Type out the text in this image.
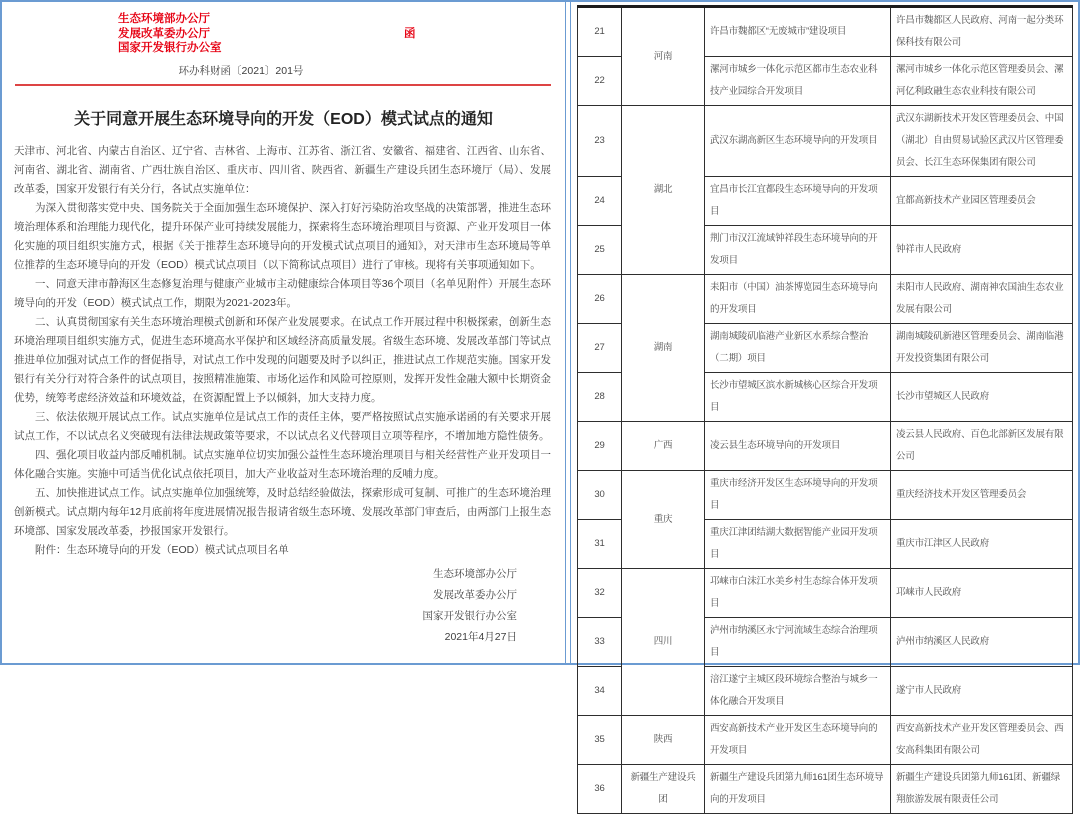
生态环境部办公厅
发展改革委办公厅
国家开发银行办公室
函
环办科财函〔2021〕201号
关于同意开展生态环境导向的开发（EOD）模式试点的通知
天津市、河北省、内蒙古自治区、辽宁省、吉林省、上海市、江苏省、浙江省、安徽省、福建省、江西省、山东省、河南省、湖北省、湖南省、广西壮族自治区、重庆市、四川省、陕西省、新疆生产建设兵团生态环境厅（局）、发展改革委，国家开发银行有关分行，各试点实施单位：
为深入贯彻落实党中央、国务院关于全面加强生态环境保护、深入打好污染防治攻坚战的决策部署，推进生态环境治理体系和治理能力现代化，提升环保产业可持续发展能力，探索将生态环境治理项目与资源、产业开发项目一体化实施的项目组织实施方式，根据《关于推荐生态环境导向的开发模式试点项目的通知》，对天津市生态环境局等单位推荐的生态环境导向的开发（EOD）模式试点项目（以下简称试点项目）进行了审核。现将有关事项通知如下。
一、同意天津市静海区生态修复治理与健康产业城市主动健康综合体项目等36个项目（名单见附件）开展生态环境导向的开发（EOD）模式试点工作，期限为2021-2023年。
二、认真贯彻国家有关生态环境治理模式创新和环保产业发展要求。在试点工作开展过程中积极探索，创新生态环境治理项目组织实施方式，促进生态环境高水平保护和区域经济高质量发展。省级生态环境、发展改革部门等试点推进单位加强对试点工作的督促指导，对试点工作中发现的问题要及时予以纠正，推进试点工作规范实施。国家开发银行有关分行对符合条件的试点项目，按照精准施策、市场化运作和风险可控原则，发挥开发性金融大额中长期资金优势，统筹考虑经济效益和环境效益，在资源配置上予以倾斜，加大支持力度。
三、依法依规开展试点工作。试点实施单位是试点工作的责任主体，要严格按照试点实施承诺函的有关要求开展试点工作，不以试点名义突破现有法律法规政策等要求，不以试点名义代替项目立项等程序，不增加地方隐性债务。
四、强化项目收益内部反哺机制。试点实施单位切实加强公益性生态环境治理项目与相关经营性产业开发项目一体化融合实施。实施中可适当优化试点依托项目，加大产业收益对生态环境治理的反哺力度。
五、加快推进试点工作。试点实施单位加强统筹，及时总结经验做法，探索形成可复制、可推广的生态环境治理创新模式。试点期内每年12月底前将年度进展情况报告报请省级生态环境、发展改革部门审查后，由两部门上报生态环境部、国家发展改革委，抄报国家开发银行。
附件：生态环境导向的开发（EOD）模式试点项目名单
生态环境部办公厅
发展改革委办公厅
国家开发银行办公室
2021年4月27日
21	河南	许昌市魏都区“无废城市”建设项目	许昌市魏都区人民政府、河南一起分类环保科技有限公司
22		漯河市城乡一体化示范区都市生态农业科技产业园综合开发项目	漯河市城乡一体化示范区管理委员会、漯河亿利政融生态农业科技有限公司
23	湖北	武汉东湖高新区生态环境导向的开发项目	武汉东湖新技术开发区管理委员会、中国（湖北）自由贸易试验区武汉片区管理委员会、长江生态环保集团有限公司
24		宜昌市长江宜都段生态环境导向的开发项目	宜都高新技术产业园区管理委员会
25		荆门市汉江流域钟祥段生态环境导向的开发项目	钟祥市人民政府
26	湖南	耒阳市（中国）油茶博览园生态环境导向的开发项目	耒阳市人民政府、湖南神农国油生态农业发展有限公司
27		湖南城陵矶临港产业新区水系综合整治（二期）项目	湖南城陵矶新港区管理委员会、湖南临港开发投资集团有限公司
28		长沙市望城区滨水新城核心区综合开发项目	长沙市望城区人民政府
29	广西	凌云县生态环境导向的开发项目	凌云县人民政府、百色北部新区发展有限公司
30	重庆	重庆市经济开发区生态环境导向的开发项目	重庆经济技术开发区管理委员会
31		重庆江津团结湖大数据智能产业园开发项目	重庆市江津区人民政府
32	四川	邛崃市白沫江水美乡村生态综合体开发项目	邛崃市人民政府
33		泸州市纳溪区永宁河流域生态综合治理项目	泸州市纳溪区人民政府
34		涪江遂宁主城区段环境综合整治与城乡一体化融合开发项目	遂宁市人民政府
35	陕西	西安高新技术产业开发区生态环境导向的开发项目	西安高新技术产业开发区管理委员会、西安高科集团有限公司
36	新疆生产建设兵团	新疆生产建设兵团第九师161团生态环境导向的开发项目	新疆生产建设兵团第九师161团、新疆绿翔旅游发展有限责任公司
